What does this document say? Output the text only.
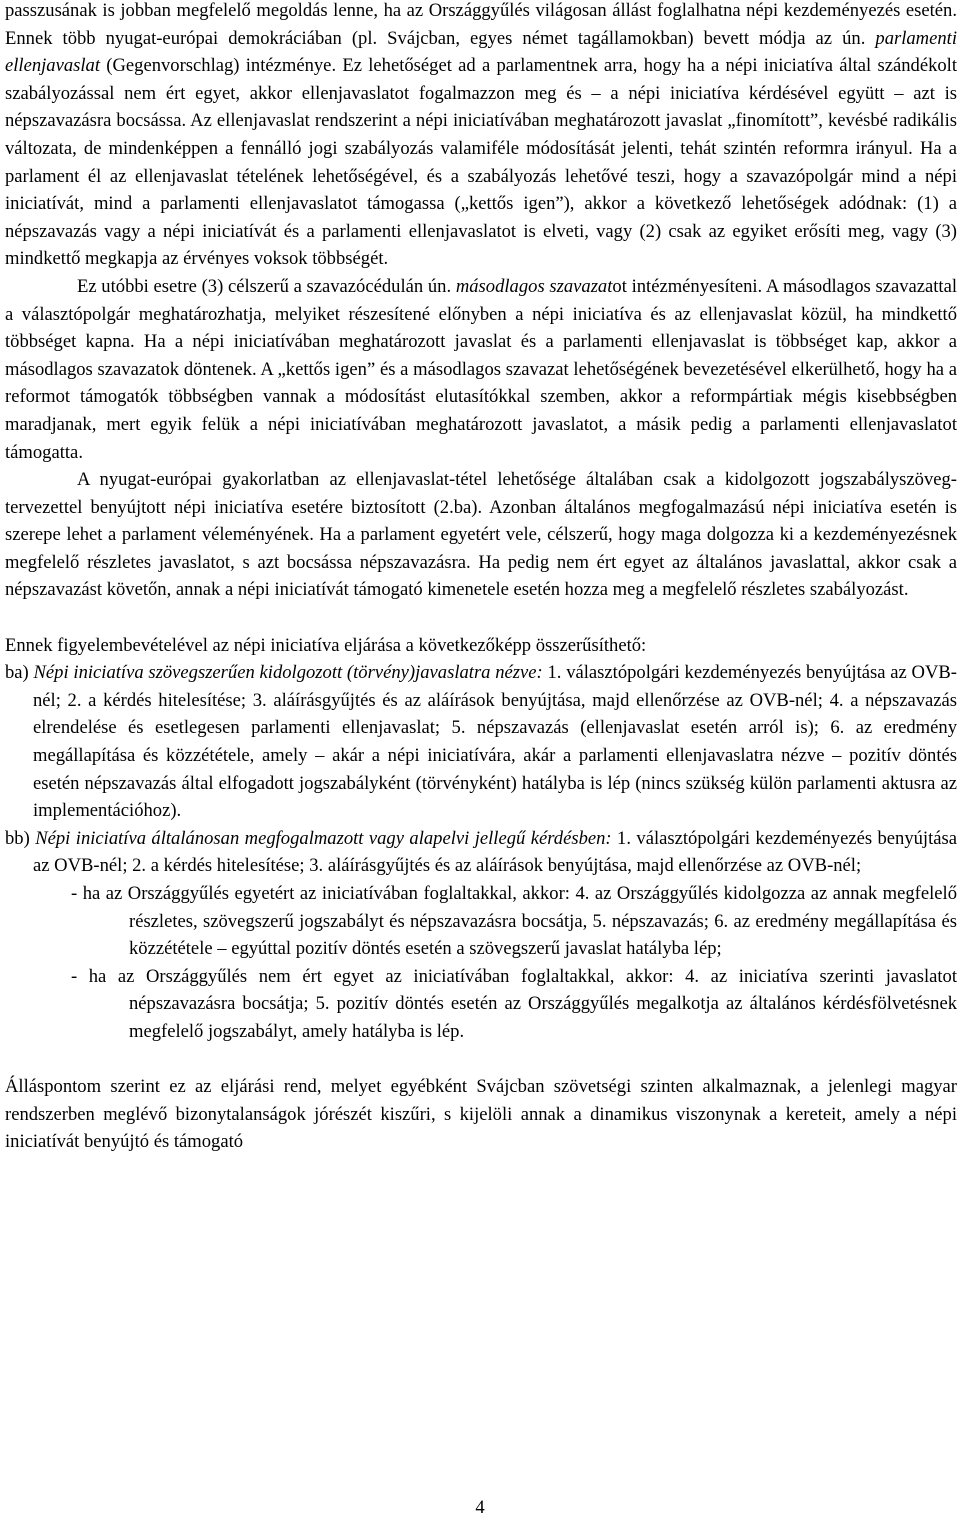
passzusának is jobban megfelelő megoldás lenne, ha az Országgyűlés világosan állást foglalhatna népi kezdeményezés esetén. Ennek több nyugat-európai demokráciában (pl. Svájcban, egyes német tagállamokban) bevett módja az ún. parlamenti ellenjavaslat (Gegenvorschlag) intézménye. Ez lehetőséget ad a parlamentnek arra, hogy ha a népi iniciatíva által szándékolt szabályozással nem ért egyet, akkor ellenjavaslatot fogalmazzon meg és – a népi iniciatíva kérdésével együtt – azt is népszavazásra bocsássa. Az ellenjavaslat rendszerint a népi iniciatívában meghatározott javaslat „finomított”, kevésbé radikális változata, de mindenképpen a fennálló jogi szabályozás valamiféle módosítását jelenti, tehát szintén reformra irányul. Ha a parlament él az ellenjavaslat tételének lehetőségével, és a szabályozás lehetővé teszi, hogy a szavazópolgár mind a népi iniciatívát, mind a parlamenti ellenjavaslatot támogassa („kettős igen”), akkor a következő lehetőségek adódnak: (1) a népszavazás vagy a népi iniciatívát és a parlamenti ellenjavaslatot is elveti, vagy (2) csak az egyiket erősíti meg, vagy (3) mindkettő megkapja az érvényes voksok többségét.

Ez utóbbi esetre (3) célszerű a szavazócédulán ún. másodlagos szavazatot intézményesíteni. A másodlagos szavazattal a választópolgár meghatározhatja, melyiket részesítené előnyben a népi iniciatíva és az ellenjavaslat közül, ha mindkettő többséget kapna. Ha a népi iniciatívában meghatározott javaslat és a parlamenti ellenjavaslat is többséget kap, akkor a másodlagos szavazatok döntenek. A „kettős igen” és a másodlagos szavazat lehetőségének bevezetésével elkerülhető, hogy ha a reformot támogatók többségben vannak a módosítást elutasítókkal szemben, akkor a reformpártiak mégis kisebbségben maradjanak, mert egyik felük a népi iniciatívában meghatározott javaslatot, a másik pedig a parlamenti ellenjavaslatot támogatta.

A nyugat-európai gyakorlatban az ellenjavaslat-tétel lehetősége általában csak a kidolgozott jogszabályszöveg-tervezettel benyújtott népi iniciatíva esetére biztosított (2.ba). Azonban általános megfogalmazású népi iniciatíva esetén is szerepe lehet a parlament véleményének. Ha a parlament egyetért vele, célszerű, hogy maga dolgozza ki a kezdeményezésnek megfelelő részletes javaslatot, s azt bocsássa népszavazásra. Ha pedig nem ért egyet az általános javaslattal, akkor csak a népszavazást követőn, annak a népi iniciatívát támogató kimenetele esetén hozza meg a megfelelő részletes szabályozást.

Ennek figyelembevételével az népi iniciatíva eljárása a következőképp összerűsíthető:

ba) Népi iniciatíva szövegszerűen kidolgozott (törvény)javaslatra nézve: 1. választópolgári kezdeményezés benyújtása az OVB-nél; 2. a kérdés hitelesítése; 3. aláírásgyűjtés és az aláírások benyújtása, majd ellenőrzése az OVB-nél; 4. a népszavazás elrendelése és esetlegesen parlamenti ellenjavaslat; 5. népszavazás (ellenjavaslat esetén arról is); 6. az eredmény megállapítása és közzététele, amely – akár a népi iniciatívára, akár a parlamenti ellenjavaslatra nézve – pozitív döntés esetén népszavazás által elfogadott jogszabályként (törvényként) hatályba is lép (nincs szükség külön parlamenti aktusra az implementációhoz).

bb) Népi iniciatíva általánosan megfogalmazott vagy alapelvi jellegű kérdésben: 1. választópolgári kezdeményezés benyújtása az OVB-nél; 2. a kérdés hitelesítése; 3. aláírásgyűjtés és az aláírások benyújtása, majd ellenőrzése az OVB-nél;

- ha az Országgyűlés egyetért az iniciatívában foglaltakkal, akkor: 4. az Országgyűlés kidolgozza az annak megfelelő részletes, szövegszerű jogszabályt és népszavazásra bocsátja, 5. népszavazás; 6. az eredmény megállapítása és közzététele – egyúttal pozitív döntés esetén a szövegszerű javaslat hatályba lép;

- ha az Országgyűlés nem ért egyet az iniciatívában foglaltakkal, akkor: 4. az iniciatíva szerinti javaslatot népszavazásra bocsátja; 5. pozitív döntés esetén az Országgyűlés megalkotja az általános kérdésfölvetésnek megfelelő jogszabályt, amely hatályba is lép.

Álláspontom szerint ez az eljárási rend, melyet egyébként Svájcban szövetségi szinten alkalmaznak, a jelenlegi magyar rendszerben meglévő bizonytalanságok jórészét kiszűri, s kijelöli annak a dinamikus viszonynak a kereteit, amely a népi iniciatívát benyújtó és támogató

4
